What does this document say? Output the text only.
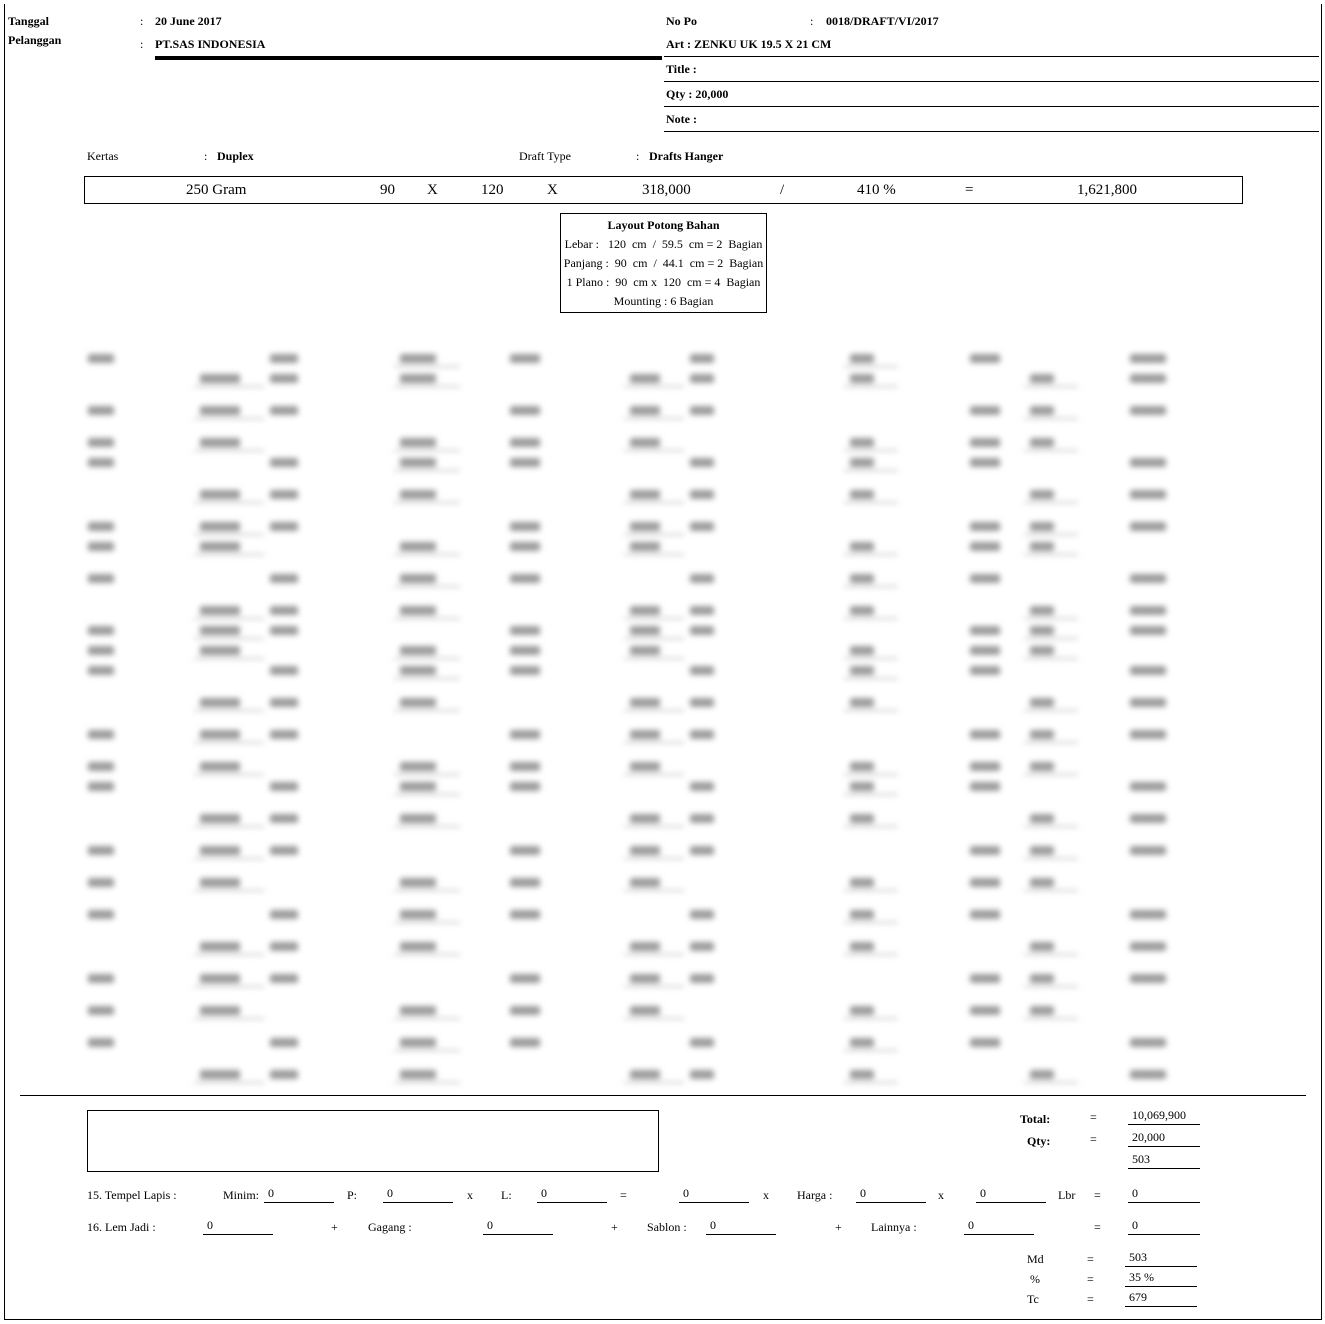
Tanggal	: 20 June 2017
Pelanggan	: PT.SAS INDONESIA
No Po	: 0018/DRAFT/VI/2017
Art : ZENKU UK 19.5 X 21 CM
Title :
Qty : 20,000
Note :
Kertas	: Duplex	Draft Type	: Drafts Hanger
250 Gram	90 X	120	X	318,000	/	410 %	=	1,621,800
Layout Potong Bahan
Lebar :   120  cm  /  59.5  cm = 2  Bagian
Panjang :  90  cm  /  44.1  cm = 2  Bagian
1 Plano :  90  cm x  120  cm = 4  Bagian
Mounting : 6 Bagian
Total:	=	10,069,900
Qty:	=	20,000
503
15. Tempel Lapis :	Minim: 0	P:	0	x L:	0	=	0	x Harga :	0	x	0	Lbr =	0
16. Lem Jadi :	0	+	Gagang :	0	+ Sablon :	0	+ Lainnya :	0	=	0
Md	=	503
%	=	35 %
Tc	=	679
